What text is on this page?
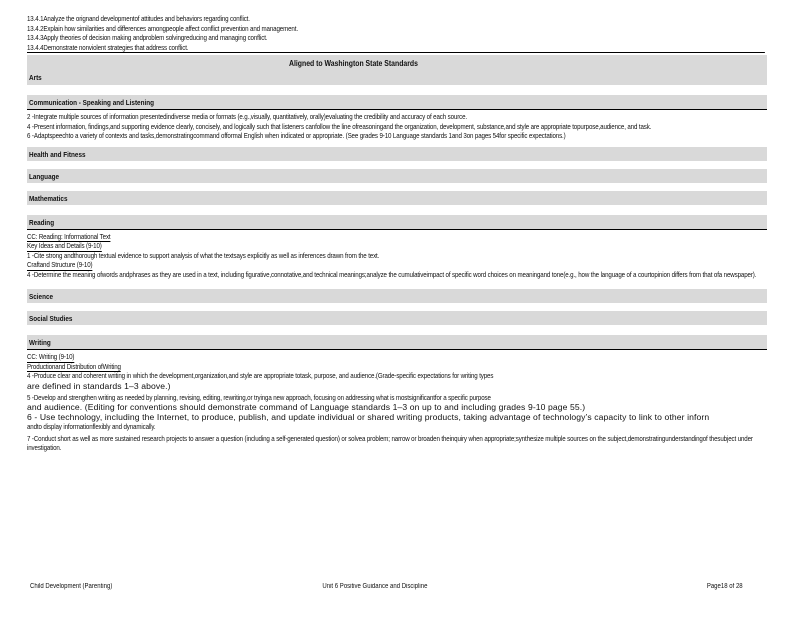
13.4.1Analyze the orignand developmentof attitudes and behaviors regarding conflict.
13.4.2Explain how similarities and differences amongpeople affect conflict prevention and management.
13.4.3Apply theories of decision making andproblem solvingreducing and managing conflict.
13.4.4Demonstrate nonviolent strategies that address conflict.
Aligned to Washington State Standards
Arts
Communication - Speaking and Listening
2 -Integrate multiple sources of information presentedindiverse media or formats (e.g.,visually, quantitatively, orally)evaluating the credibility and accuracy of each source.
4 -Present information, findings,and supporting evidence clearly, concisely, and logically such that listeners canfollow the line ofreasoningand the organization, development, substance,and style are appropriate topurpose,audience, and task.
6 -Adaptspeechto a variety of contexts and tasks,demonstratingcommand offormal English when indicated or appropriate. (See grades 9-10 Language standards 1and 3on pages 54for specific expectations.)
Health and Fitness
Language
Mathematics
Reading
CC: Reading: Informational Text
Key Ideas and Details (9-10)
1 -Cite strong andthorough textual evidence to support analysis of what the textsays explicitly as well as inferences drawn from the text.
Craftand Structure (9-10)
4 -Determine the meaning ofwords andphrases as they are used in a text, including figurative,connotative,and technical meanings;analyze the cumulativeimpact of specific word choices on meaningand tone(e.g., how the language of a courtopinion differs from that ofa newspaper).
Science
Social Studies
Writing
CC: Writing (9-10)
Productionand Distribution ofWriting
4 -Produce clear and coherent writing in which the development,organization,and style are appropriate totask, purpose, and audience.(Grade-specific expectations for writing types
are defined in standards 1–3 above.)
5 -Develop and strengthen writing as needed by planning, revising, editing, rewriting,or tryinga new approach, focusing on addressing what is mostsignificantfor a specific purpose
and audience. (Editing for conventions should demonstrate command of Language standards 1–3 on up to and including grades 9-10 page 55.)
6 - Use technology, including the Internet, to produce, publish, and update individual or shared writing products, taking advantage of technology’s capacity to link to other inforn
andto display informationflexibly and dynamically.
7 -Conduct short as well as more sustained research projects to answer a question (including a self-generated question) or solvea problem; narrow or broaden theinquiry when appropriate;synthesize multiple sources on the subject,demonstratingunderstandingof thesubject under investigation.
Child Development (Parenting)	Unit 6 Positive Guidance and Discipline	Page18 of 28
